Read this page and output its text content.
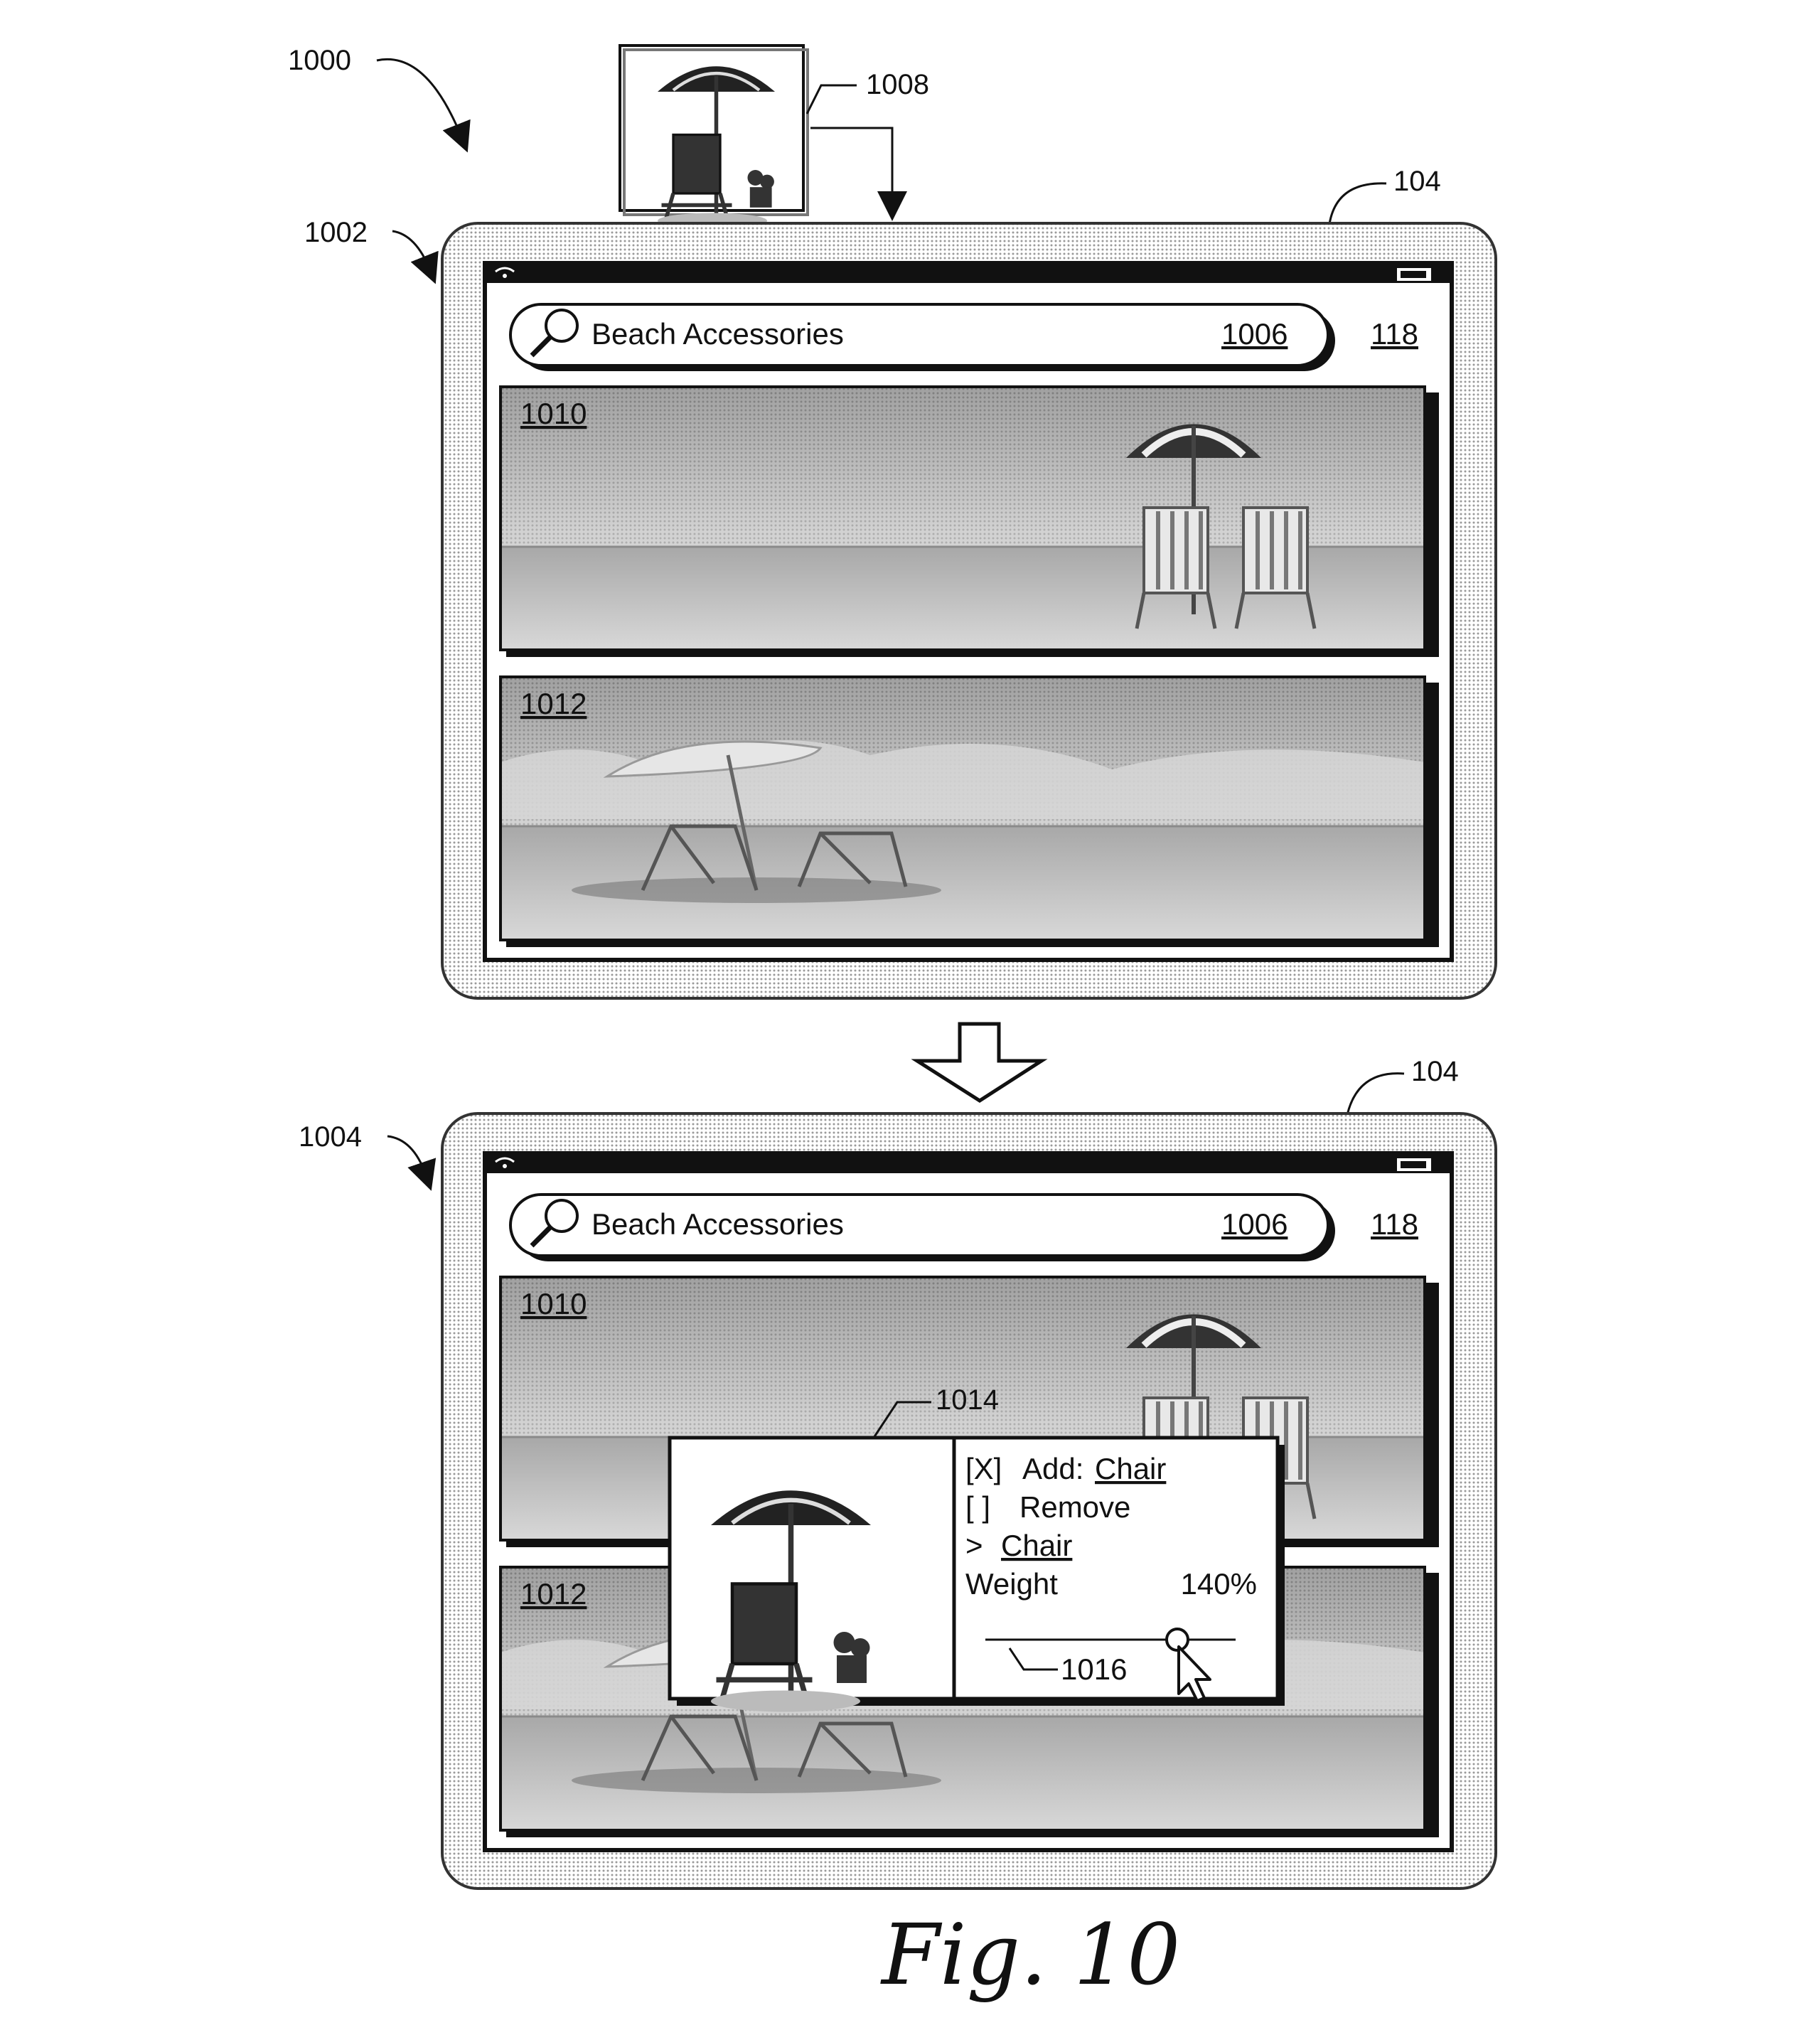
1000
1002
1008
104
Beach Accessories	1006	118
1010
1012
104
1004
Beach Accessories	1006	118
1010
1012
1014
[X] Add: Chair
[ ] Remove
> Chair
Weight	140%
1016
Fig. 10
